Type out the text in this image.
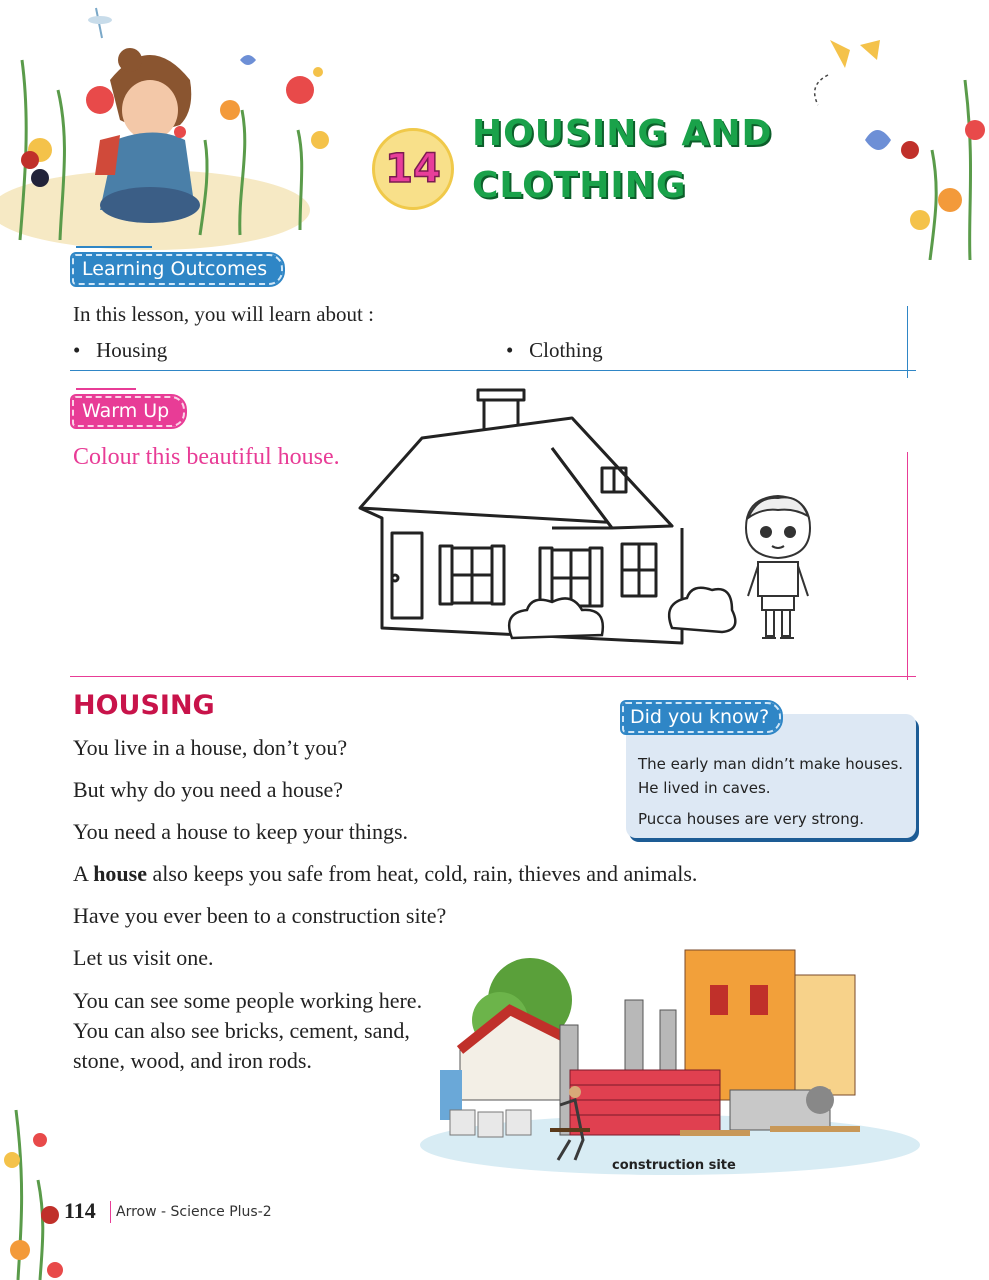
14
HOUSING AND
CLOTHING
Learning Outcomes
In this lesson, you will learn about :
•   Housing	•   Clothing
Warm Up
Colour this beautiful house.
HOUSING
You live in a house, don’t you?
But why do you need a house?
You need a house to keep your things.
A house also keeps you safe from heat, cold, rain, thieves and animals.
Have you ever been to a construction site?
Let us visit one.
You can see some people working here. You can also see bricks, cement, sand, stone, wood, and iron rods.
Did you know?
The early man didn’t make houses.
He lived in caves.
Pucca houses are very strong.
construction site
114 Arrow - Science Plus-2
